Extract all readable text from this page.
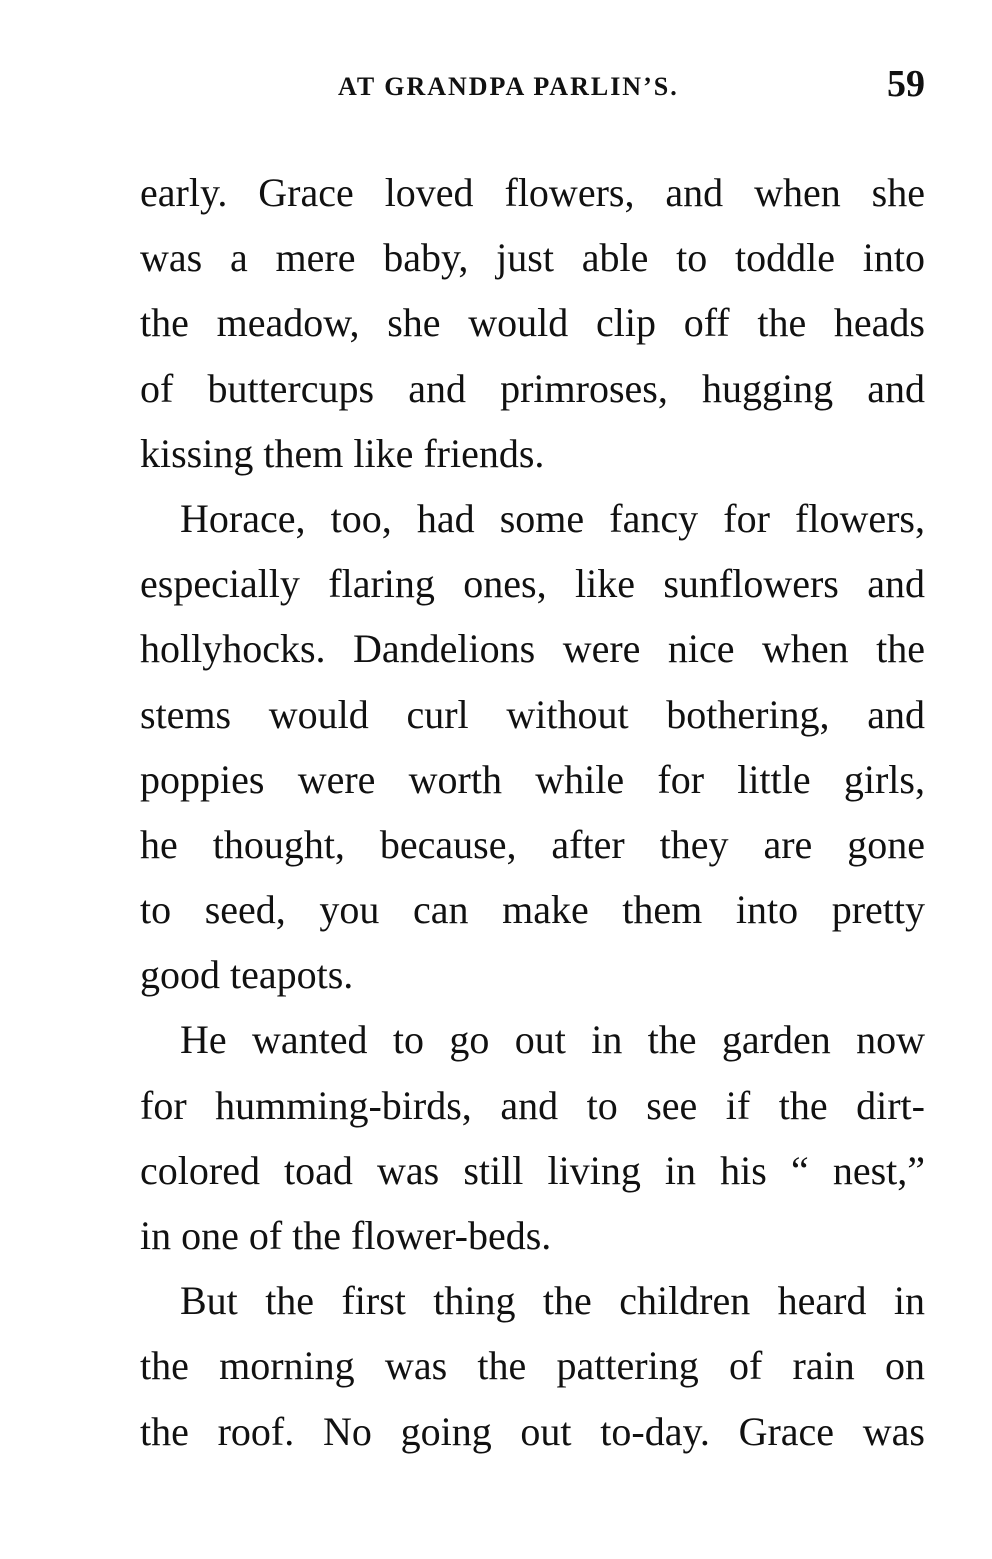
AT GRANDPA PARLIN’S.	59
early. Grace loved flowers, and when she
was a mere baby, just able to toddle into
the meadow, she would clip off the heads
of buttercups and primroses, hugging and
kissing them like friends.
Horace, too, had some fancy for flowers,
especially flaring ones, like sunflowers and
hollyhocks. Dandelions were nice when the
stems would curl without bothering, and
poppies were worth while for little girls,
he thought, because, after they are gone
to seed, you can make them into pretty
good teapots.
He wanted to go out in the garden now
for humming-birds, and to see if the dirt-
colored toad was still living in his “ nest,”
in one of the flower-beds.
But the first thing the children heard in
the morning was the pattering of rain on
the roof. No going out to-day. Grace was
